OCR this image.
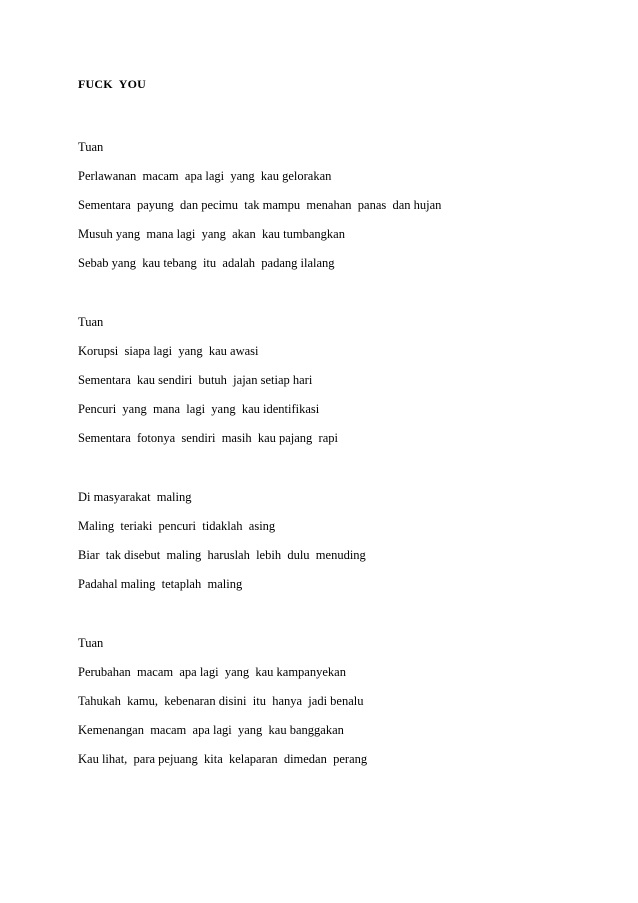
FUCK  YOU
Tuan
Perlawanan  macam  apa lagi  yang  kau gelorakan
Sementara  payung  dan pecimu  tak mampu  menahan  panas  dan hujan
Musuh yang  mana lagi  yang  akan  kau tumbangkan
Sebab yang  kau tebang  itu  adalah  padang ilalang
Tuan
Korupsi  siapa lagi  yang  kau awasi
Sementara  kau sendiri  butuh  jajan setiap hari
Pencuri  yang  mana  lagi  yang  kau identifikasi
Sementara  fotonya  sendiri  masih  kau pajang  rapi
Di masyarakat  maling
Maling  teriaki  pencuri  tidaklah  asing
Biar  tak disebut  maling  haruslah  lebih  dulu  menuding
Padahal maling  tetaplah  maling
Tuan
Perubahan  macam  apa lagi  yang  kau kampanyekan
Tahukah  kamu,  kebenaran disini  itu  hanya  jadi benalu
Kemenangan  macam  apa lagi  yang  kau banggakan
Kau lihat,  para pejuang  kita  kelaparan  dimedan  perang
